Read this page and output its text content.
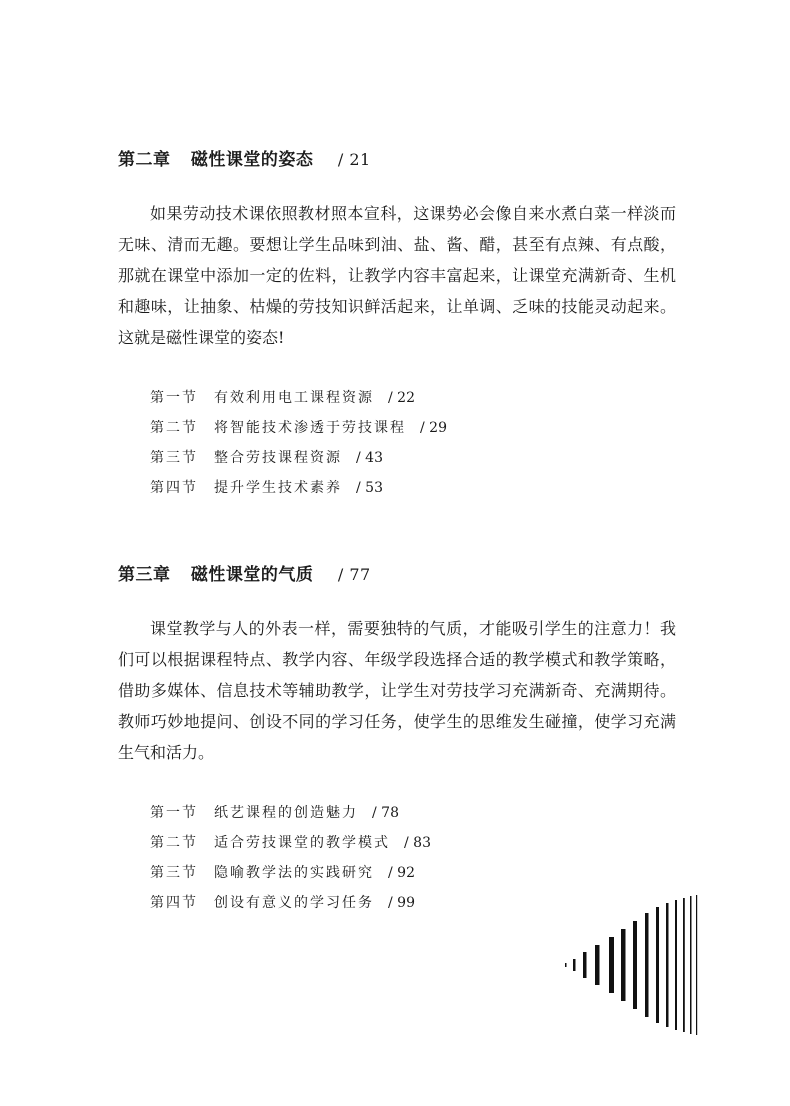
第二章 磁性课堂的姿态 / 21
如果劳动技术课依照教材照本宣科，这课势必会像自来水煮白菜一样淡而无味、清而无趣。要想让学生品味到油、盐、酱、醋，甚至有点辣、有点酸，那就在课堂中添加一定的佐料，让教学内容丰富起来，让课堂充满新奇、生机和趣味，让抽象、枯燥的劳技知识鲜活起来，让单调、乏味的技能灵动起来。这就是磁性课堂的姿态!
第一节 有效利用电工课程资源 / 22
第二节 将智能技术渗透于劳技课程 / 29
第三节 整合劳技课程资源 / 43
第四节 提升学生技术素养 / 53
第三章 磁性课堂的气质 / 77
课堂教学与人的外表一样，需要独特的气质，才能吸引学生的注意力！我们可以根据课程特点、教学内容、年级学段选择合适的教学模式和教学策略，借助多媒体、信息技术等辅助教学，让学生对劳技学习充满新奇、充满期待。教师巧妙地提问、创设不同的学习任务，使学生的思维发生碰撞，使学习充满生气和活力。
第一节 纸艺课程的创造魅力 / 78
第二节 适合劳技课堂的教学模式 / 83
第三节 隐喻教学法的实践研究 / 92
第四节 创设有意义的学习任务 / 99
